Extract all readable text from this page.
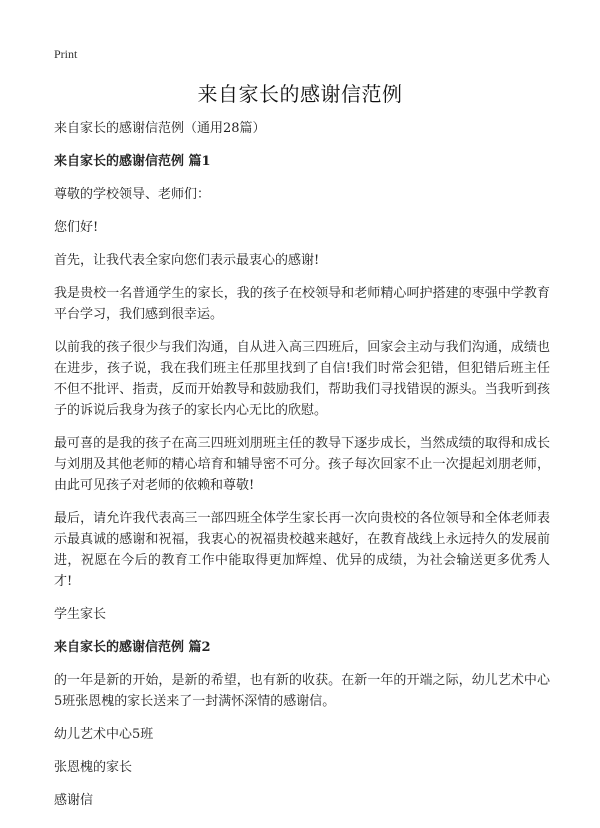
Print
来自家长的感谢信范例

来自家长的感谢信范例（通用28篇）

来自家长的感谢信范例 篇1

尊敬的学校领导、老师们：

您们好!

首先，让我代表全家向您们表示最衷心的感谢!

我是贵校一名普通学生的家长，我的孩子在校领导和老师精心呵护搭建的枣强中学教育平台学习，我们感到很幸运。

以前我的孩子很少与我们沟通，自从进入高三四班后，回家会主动与我们沟通，成绩也在进步，孩子说，我在我们班主任那里找到了自信!我们时常会犯错，但犯错后班主任不但不批评、指责，反而开始教导和鼓励我们，帮助我们寻找错误的源头。当我听到孩子的诉说后我身为孩子的家长内心无比的欣慰。

最可喜的是我的孩子在高三四班刘朋班主任的教导下逐步成长，当然成绩的取得和成长与刘朋及其他老师的精心培育和辅导密不可分。孩子每次回家不止一次提起刘朋老师，由此可见孩子对老师的依赖和尊敬!

最后，请允许我代表高三一部四班全体学生家长再一次向贵校的各位领导和全体老师表示最真诚的感谢和祝福，我衷心的祝福贵校越来越好，在教育战线上永远持久的发展前进，祝愿在今后的教育工作中能取得更加辉煌、优异的成绩，为社会输送更多优秀人才!

学生家长

来自家长的感谢信范例 篇2

的一年是新的开始，是新的希望，也有新的收获。在新一年的开端之际，幼儿艺术中心5班张恩槐的家长送来了一封满怀深情的感谢信。

幼儿艺术中心5班

张恩槐的家长

感谢信
